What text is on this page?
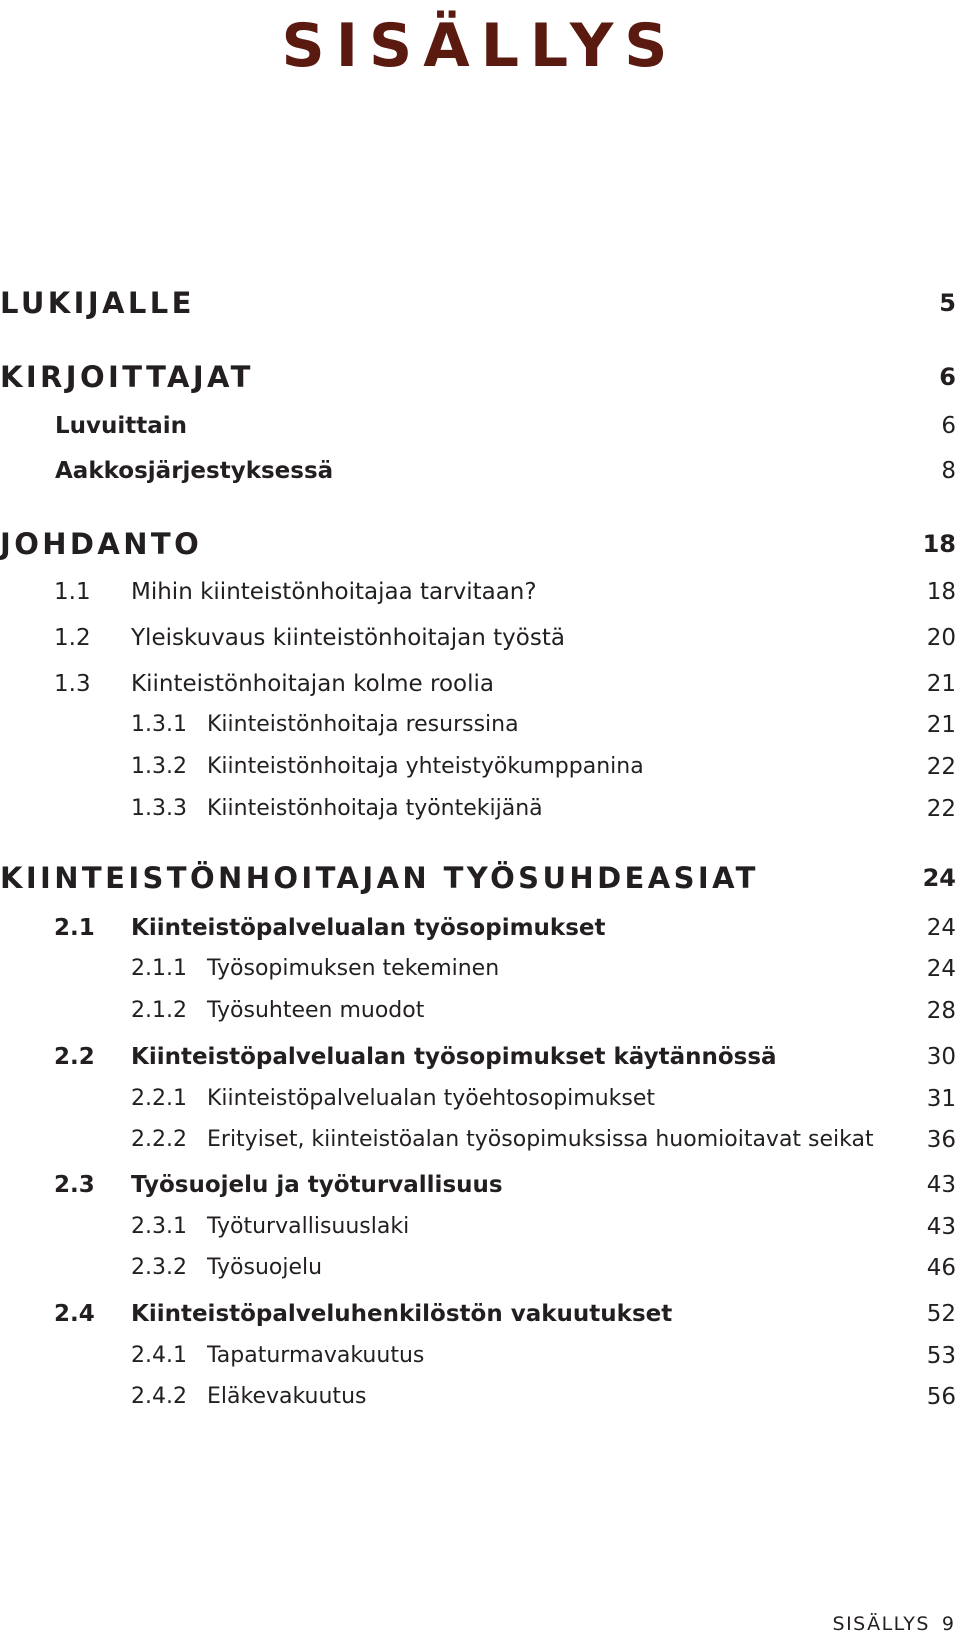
SISÄLLYS
LUKIJALLE	5
KIRJOITTAJAT	6
Luvuittain	6
Aakkosjärjestyksessä	8
JOHDANTO	18
1.1 Mihin kiinteistönhoitajaa tarvitaan?	18
1.2 Yleiskuvaus kiinteistönhoitajan työstä	20
1.3 Kiinteistönhoitajan kolme roolia	21
1.3.1 Kiinteistönhoitaja resurssina	21
1.3.2 Kiinteistönhoitaja yhteistyökumppanina	22
1.3.3 Kiinteistönhoitaja työntekijänä	22
KIINTEISTÖNHOITAJAN TYÖSUHDEASIAT	24
2.1 Kiinteistöpalvelualan työsopimukset	24
2.1.1 Työsopimuksen tekeminen	24
2.1.2 Työsuhteen muodot	28
2.2 Kiinteistöpalvelualan työsopimukset käytännössä	30
2.2.1 Kiinteistöpalvelualan työehtosopimukset	31
2.2.2 Erityiset, kiinteistöalan työsopimuksissa huomioitavat seikat 36
2.3 Työsuojelu ja työturvallisuus	43
2.3.1 Työturvallisuuslaki	43
2.3.2 Työsuojelu	46
2.4 Kiinteistöpalveluhenkilöstön vakuutukset	52
2.4.1 Tapaturmavakuutus	53
2.4.2 Eläkevakuutus	56
SISÄLLYS 9
